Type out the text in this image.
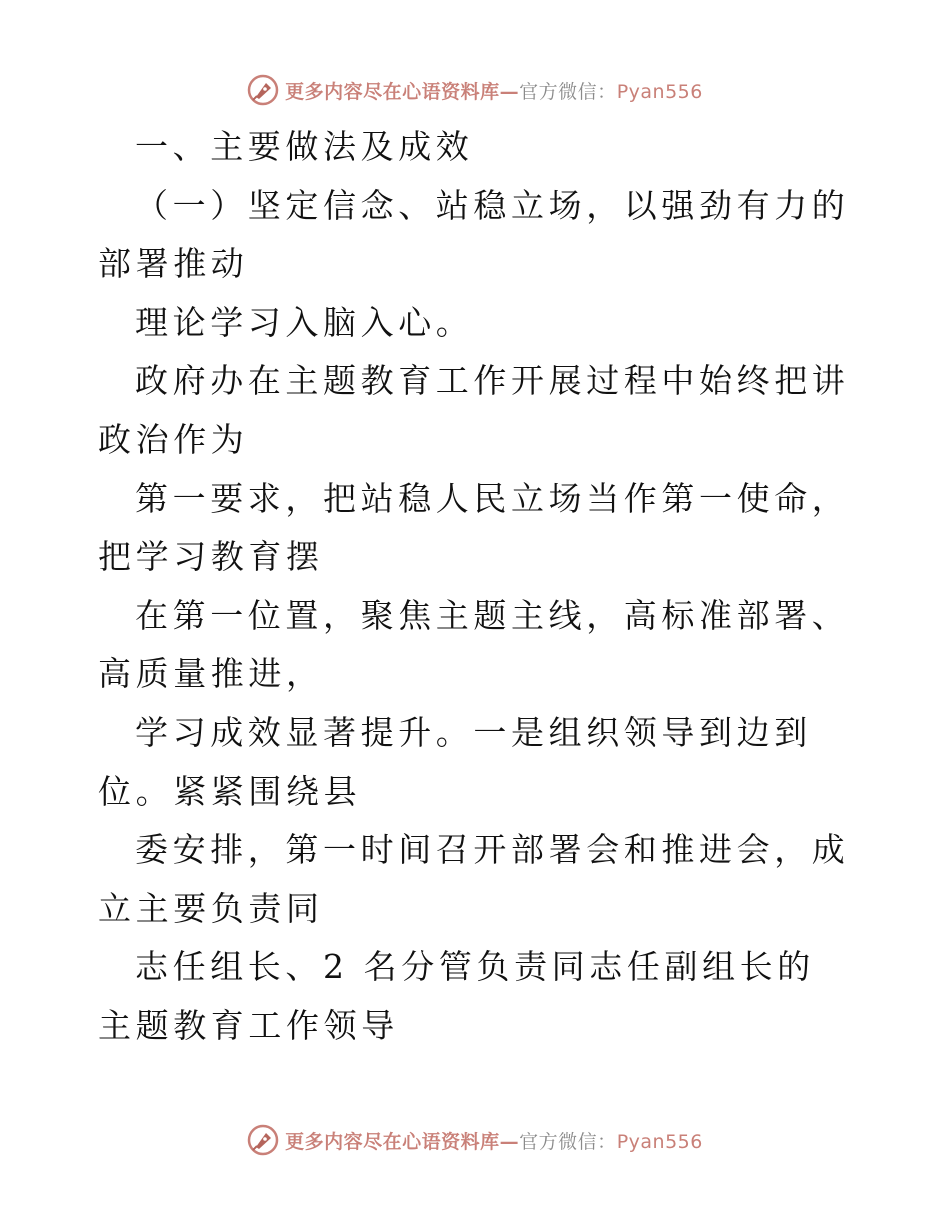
更多内容尽在心语资料库—官方微信：Pyan556

一、主要做法及成效

（一）坚定信念、站稳立场，以强劲有力的部署推动

理论学习入脑入心。

政府办在主题教育工作开展过程中始终把讲政治作为

第一要求，把站稳人民立场当作第一使命，把学习教育摆

在第一位置，聚焦主题主线，高标准部署、高质量推进，

学习成效显著提升。一是组织领导到边到位。紧紧围绕县

委安排，第一时间召开部署会和推进会，成立主要负责同

志任组长、2 名分管负责同志任副组长的主题教育工作领导

更多内容尽在心语资料库—官方微信：Pyan556
